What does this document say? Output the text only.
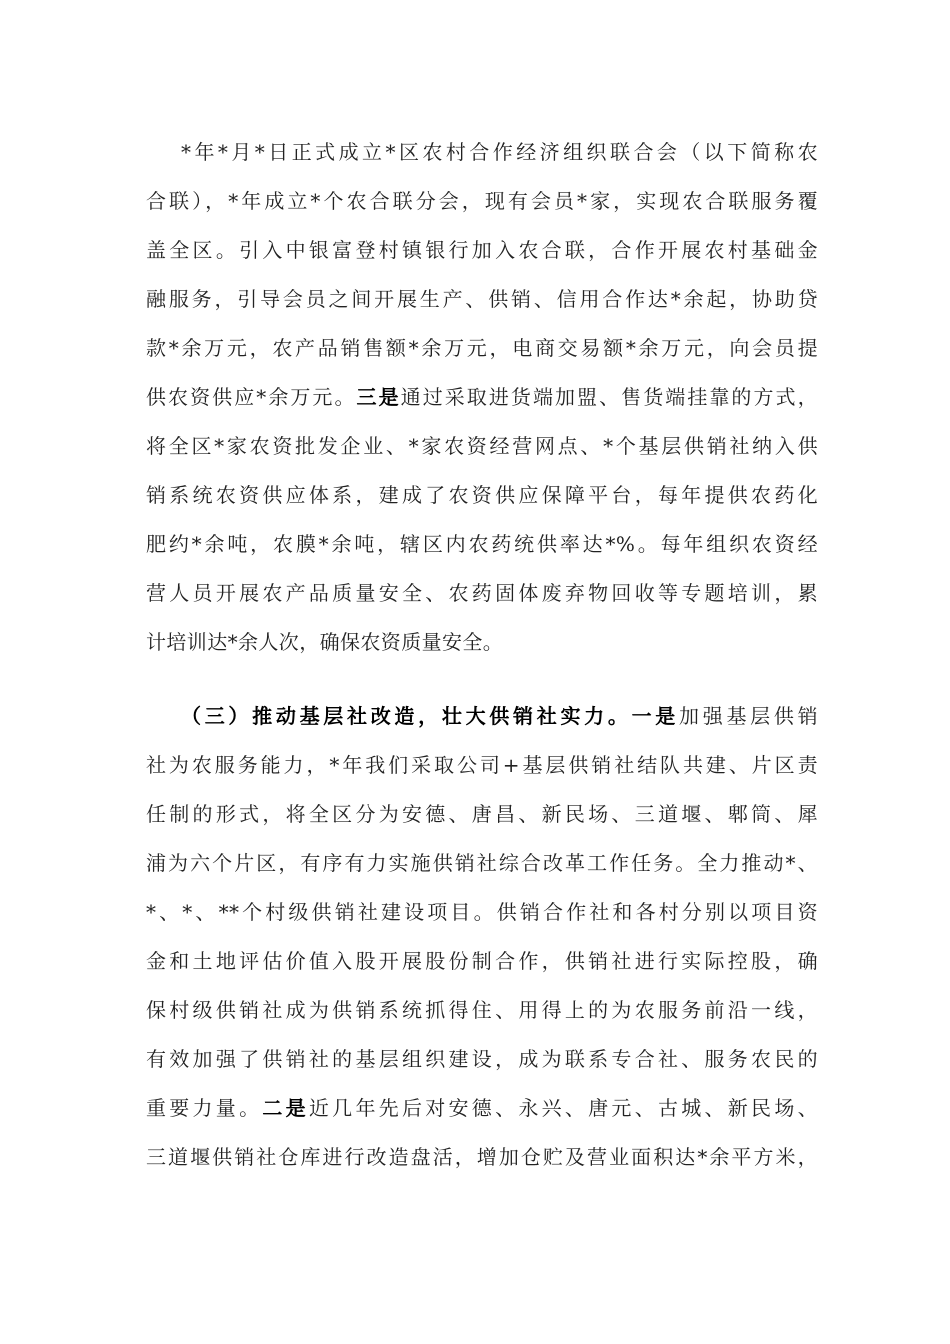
*年*月*日正式成立*区农村合作经济组织联合会（以下简称农
合联），*年成立*个农合联分会，现有会员*家，实现农合联服务覆
盖全区。引入中银富登村镇银行加入农合联，合作开展农村基础金
融服务，引导会员之间开展生产、供销、信用合作达*余起，协助贷
款*余万元，农产品销售额*余万元，电商交易额*余万元，向会员提
供农资供应*余万元。三是通过采取进货端加盟、售货端挂靠的方式，
将全区*家农资批发企业、*家农资经营网点、*个基层供销社纳入供
销系统农资供应体系，建成了农资供应保障平台，每年提供农药化
肥约*余吨，农膜*余吨，辖区内农药统供率达*%。每年组织农资经
营人员开展农产品质量安全、农药固体废弃物回收等专题培训，累
计培训达*余人次，确保农资质量安全。
（三）推动基层社改造，壮大供销社实力。一是加强基层供销
社为农服务能力，*年我们采取公司+基层供销社结队共建、片区责
任制的形式，将全区分为安德、唐昌、新民场、三道堰、郫筒、犀
浦为六个片区，有序有力实施供销社综合改革工作任务。全力推动*、
*、*、**个村级供销社建设项目。供销合作社和各村分别以项目资
金和土地评估价值入股开展股份制合作，供销社进行实际控股，确
保村级供销社成为供销系统抓得住、用得上的为农服务前沿一线，
有效加强了供销社的基层组织建设，成为联系专合社、服务农民的
重要力量。二是近几年先后对安德、永兴、唐元、古城、新民场、
三道堰供销社仓库进行改造盘活，增加仓贮及营业面积达*余平方米，
